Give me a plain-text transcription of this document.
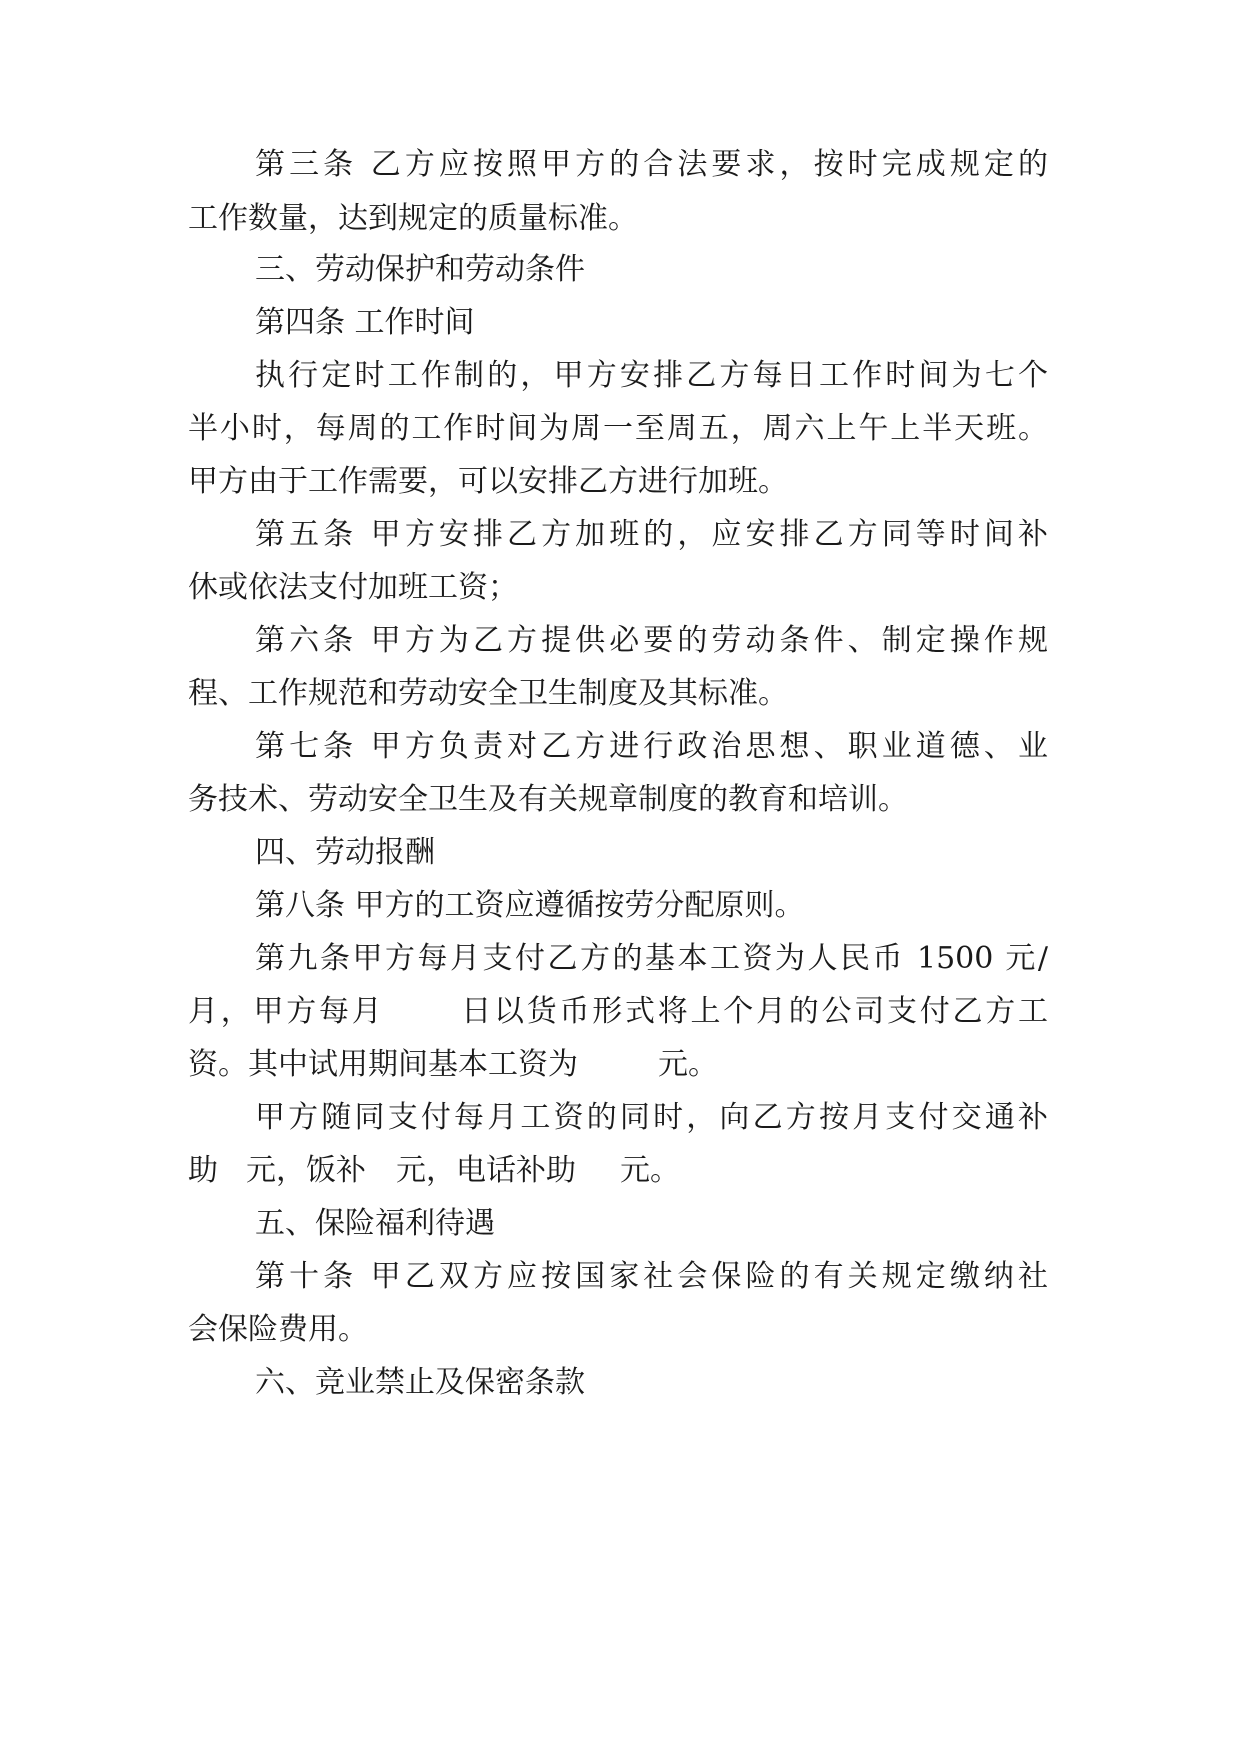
第三条 乙方应按照甲方的合法要求，按时完成规定的
工作数量，达到规定的质量标准。
三、劳动保护和劳动条件
第四条 工作时间
执行定时工作制的，甲方安排乙方每日工作时间为七个
半小时，每周的工作时间为周一至周五，周六上午上半天班。
甲方由于工作需要，可以安排乙方进行加班。
第五条 甲方安排乙方加班的，应安排乙方同等时间补
休或依法支付加班工资；
第六条 甲方为乙方提供必要的劳动条件、制定操作规
程、工作规范和劳动安全卫生制度及其标准。
第七条 甲方负责对乙方进行政治思想、职业道德、业
务技术、劳动安全卫生及有关规章制度的教育和培训。
四、劳动报酬
第八条 甲方的工资应遵循按劳分配原则。
第九条甲方每月支付乙方的基本工资为人民币 1500 元/
月，甲方每月 日以货币形式将上个月的公司支付乙方工
资。其中试用期间基本工资为	元。
甲方随同支付每月工资的同时，向乙方按月支付交通补
助 元，饭补 元，电话补助 元。
五、保险福利待遇
第十条 甲乙双方应按国家社会保险的有关规定缴纳社
会保险费用。
六、竞业禁止及保密条款
